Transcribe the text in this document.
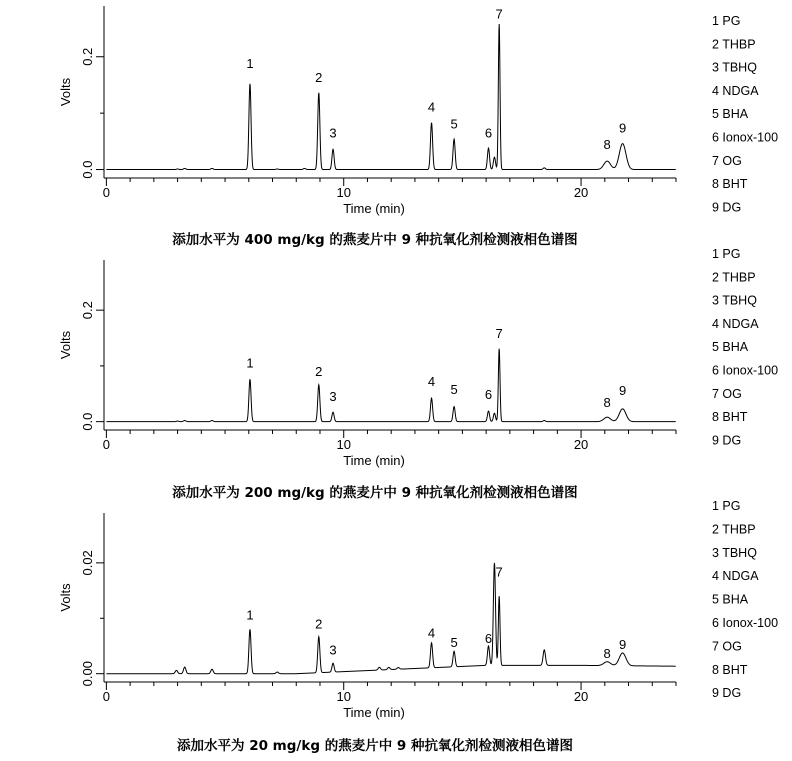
0	10	20
0.0
0.2
Time (min)
Volts
1
2
3
4
5
6
7
8
9
1 PG
2 THBP
3 TBHQ
4 NDGA
5 BHA
6 Ionox-100
7 OG
8 BHT
9 DG
添加水平为 400 mg/kg 的燕麦片中 9 种抗氧化剂检测液相色谱图
0	10	20
0.0
0.2
Time (min)
Volts
1
2
3
4
5 6
7
8
9
1 PG
2 THBP
3 TBHQ
4 NDGA
5 BHA
6 Ionox-100
7 OG
8 BHT
9 DG
添加水平为 200 mg/kg 的燕麦片中 9 种抗氧化剂检测液相色谱图
0	10	20
0.00
0.02
Time (min)
Volts
1
2
3
4
5 6
7
8
9
1 PG
2 THBP
3 TBHQ
4 NDGA
5 BHA
6 Ionox-100
7 OG
8 BHT
9 DG
添加水平为 20 mg/kg 的燕麦片中 9 种抗氧化剂检测液相色谱图
